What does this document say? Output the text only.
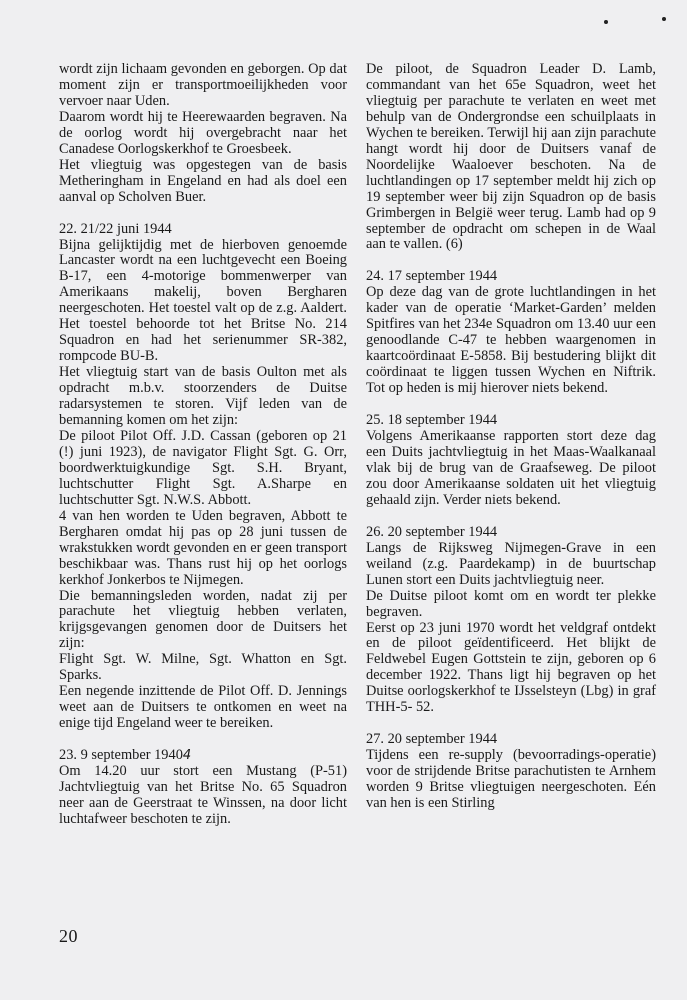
wordt zijn lichaam gevonden en geborgen. Op dat moment zijn er transportmoeilijkheden voor vervoer naar Uden.

Daarom wordt hij te Heerewaarden begraven. Na de oorlog wordt hij overgebracht naar het Canadese Oorlogskerkhof te Groesbeek.

Het vliegtuig was opgestegen van de basis Metheringham in Engeland en had als doel een aanval op Scholven Buer.

22. 21/22 juni 1944

Bijna gelijktijdig met de hierboven genoemde Lancaster wordt na een luchtgevecht een Boeing B-17, een 4-motorige bommenwerper van Amerikaans makelij, boven Bergharen neergeschoten. Het toestel valt op de z.g. Aaldert. Het toestel behoorde tot het Britse No. 214 Squadron en had het serienummer SR-382, rompcode BU-B.

Het vliegtuig start van de basis Oulton met als opdracht m.b.v. stoorzenders de Duitse radarsystemen te storen. Vijf leden van de bemanning komen om het zijn:

De piloot Pilot Off. J.D. Cassan (geboren op 21 (!) juni 1923), de navigator Flight Sgt. G. Orr, boordwerktuigkundige Sgt. S.H. Bryant, luchtschutter Flight Sgt. A.Sharpe en luchtschutter Sgt. N.W.S. Abbott.

4 van hen worden te Uden begraven, Abbott te Bergharen omdat hij pas op 28 juni tussen de wrakstukken wordt gevonden en er geen transport beschikbaar was. Thans rust hij op het oorlogs kerkhof Jonkerbos te Nijmegen.

Die bemanningsleden worden, nadat zij per parachute het vliegtuig hebben verlaten, krijgsgevangen genomen door de Duitsers het zijn:

Flight Sgt. W. Milne, Sgt. Whatton en Sgt. Sparks.

Een negende inzittende de Pilot Off. D. Jennings weet aan de Duitsers te ontkomen en weet na enige tijd Engeland weer te bereiken.

23. 9 september 19404

Om 14.20 uur stort een Mustang (P-51) Jachtvliegtuig van het Britse No. 65 Squadron neer aan de Geerstraat te Winssen, na door licht luchtafweer beschoten te zijn.

De piloot, de Squadron Leader D. Lamb, commandant van het 65e Squadron, weet het vliegtuig per parachute te verlaten en weet met behulp van de Ondergrondse een schuilplaats in Wychen te bereiken. Terwijl hij aan zijn parachute hangt wordt hij door de Duitsers vanaf de Noordelijke Waaloever beschoten. Na de luchtlandingen op 17 september meldt hij zich op 19 september weer bij zijn Squadron op de basis Grimbergen in België weer terug. Lamb had op 9 september de opdracht om schepen in de Waal aan te vallen. (6)

24. 17 september 1944

Op deze dag van de grote luchtlandingen in het kader van de operatie ‘Market-Garden’ melden Spitfires van het 234e Squadron om 13.40 uur een genoodlande C-47 te hebben waargenomen in kaartcoördinaat E-5858. Bij bestudering blijkt dit coördinaat te liggen tussen Wychen en Niftrik. Tot op heden is mij hierover niets bekend.

25. 18 september 1944

Volgens Amerikaanse rapporten stort deze dag een Duits jachtvliegtuig in het Maas-Waalkanaal vlak bij de brug van de Graafseweg. De piloot zou door Amerikaanse soldaten uit het vliegtuig gehaald zijn. Verder niets bekend.

26. 20 september 1944

Langs de Rijksweg Nijmegen-Grave in een weiland (z.g. Paardekamp) in de buurtschap Lunen stort een Duits jachtvliegtuig neer.

De Duitse piloot komt om en wordt ter plekke begraven.

Eerst op 23 juni 1970 wordt het veldgraf ontdekt en de piloot geïdentificeerd. Het blijkt de Feldwebel Eugen Gottstein te zijn, geboren op 6 december 1922. Thans ligt hij begraven op het Duitse oorlogskerkhof te IJsselsteyn (Lbg) in graf THH-5- 52.

27. 20 september 1944

Tijdens een re-supply (bevoorradings-operatie) voor de strijdende Britse parachutisten te Arnhem worden 9 Britse vliegtuigen neergeschoten. Eén van hen is een Stirling

20
